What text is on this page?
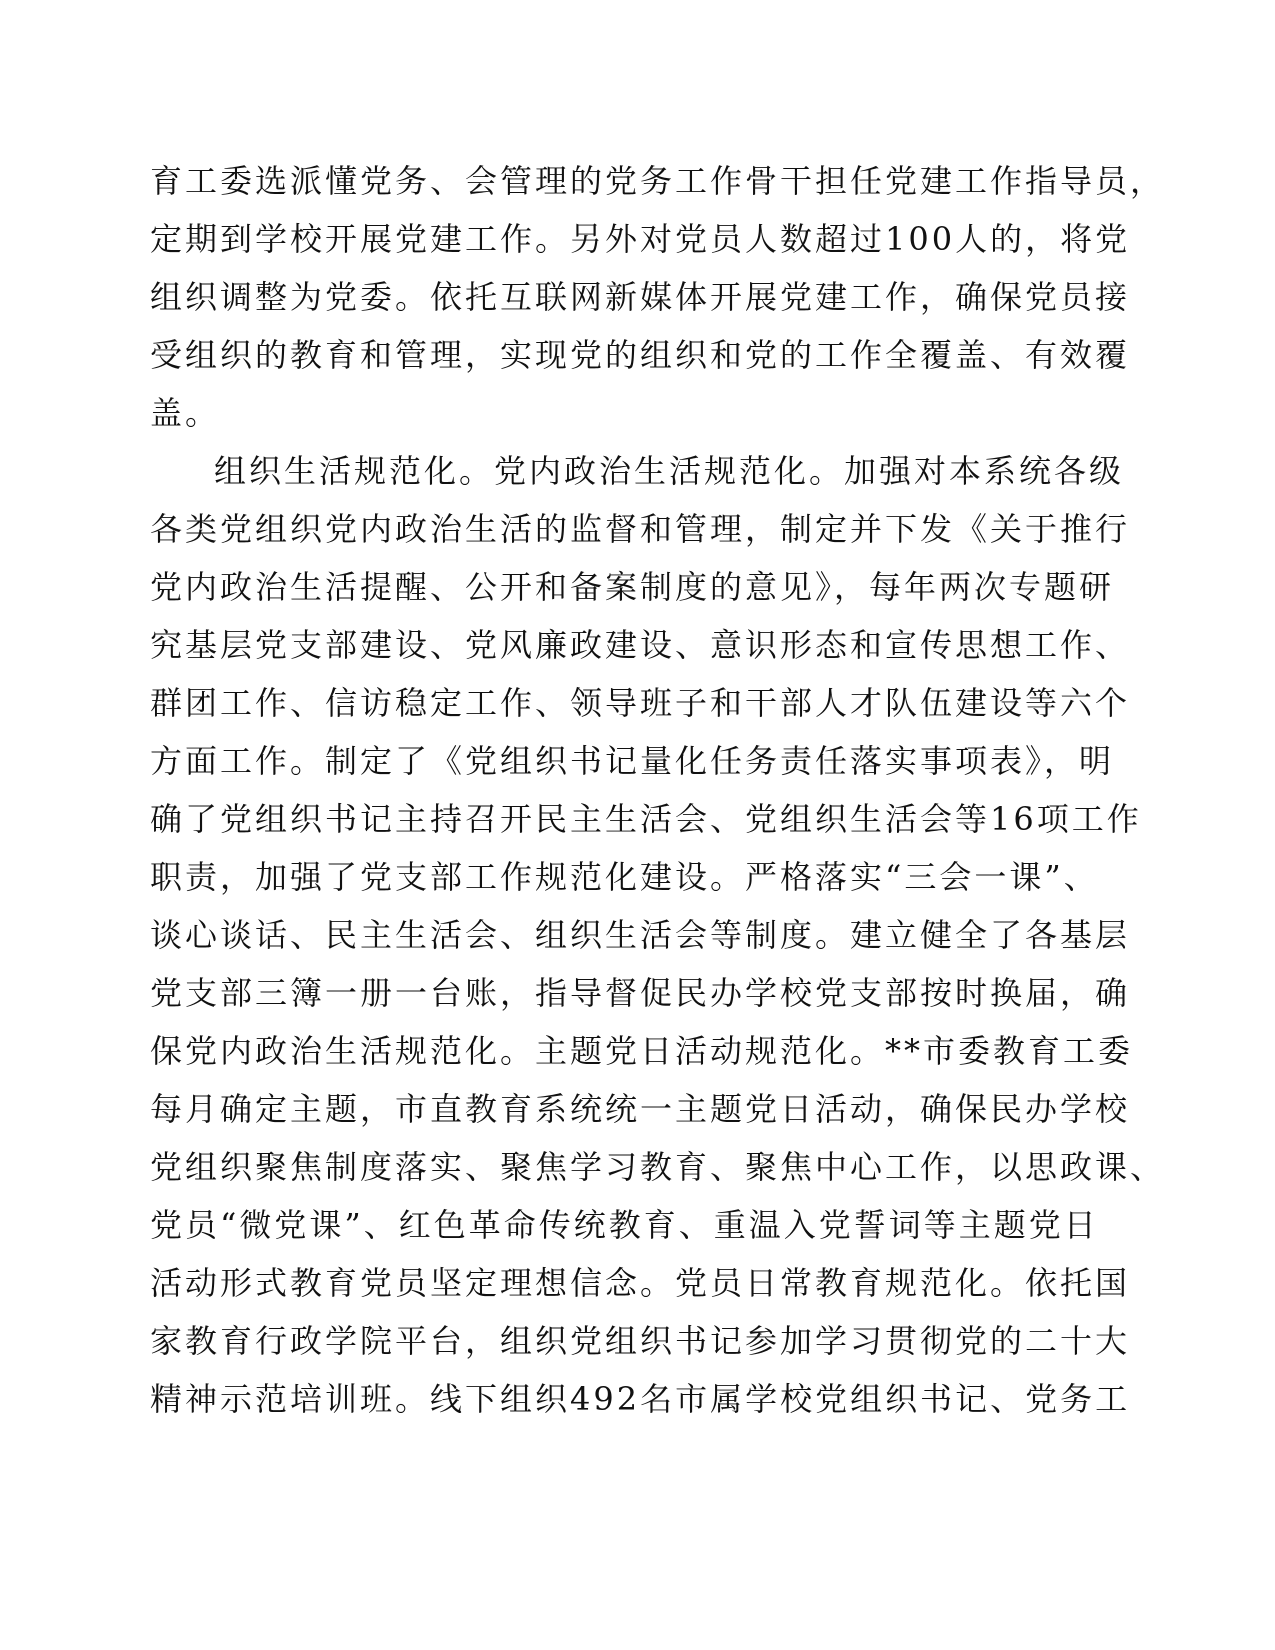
育工委选派懂党务、会管理的党务工作骨干担任党建工作指导员，
定期到学校开展党建工作。另外对党员人数超过100人的，将党
组织调整为党委。依托互联网新媒体开展党建工作，确保党员接
受组织的教育和管理，实现党的组织和党的工作全覆盖、有效覆
盖。
组织生活规范化。党内政治生活规范化。加强对本系统各级
各类党组织党内政治生活的监督和管理，制定并下发《关于推行
党内政治生活提醒、公开和备案制度的意见》，每年两次专题研
究基层党支部建设、党风廉政建设、意识形态和宣传思想工作、
群团工作、信访稳定工作、领导班子和干部人才队伍建设等六个
方面工作。制定了《党组织书记量化任务责任落实事项表》，明
确了党组织书记主持召开民主生活会、党组织生活会等16项工作
职责，加强了党支部工作规范化建设。严格落实“三会一课”、
谈心谈话、民主生活会、组织生活会等制度。建立健全了各基层
党支部三簿一册一台账，指导督促民办学校党支部按时换届，确
保党内政治生活规范化。主题党日活动规范化。**市委教育工委
每月确定主题，市直教育系统统一主题党日活动，确保民办学校
党组织聚焦制度落实、聚焦学习教育、聚焦中心工作，以思政课、
党员“微党课”、红色革命传统教育、重温入党誓词等主题党日
活动形式教育党员坚定理想信念。党员日常教育规范化。依托国
家教育行政学院平台，组织党组织书记参加学习贯彻党的二十大
精神示范培训班。线下组织492名市属学校党组织书记、党务工
